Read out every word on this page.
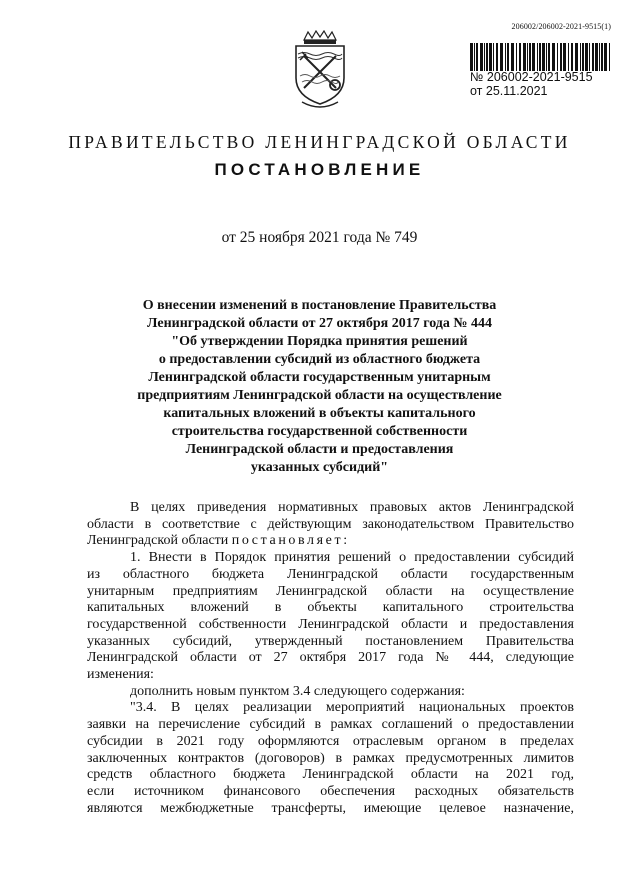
206002/206002-2021-9515(1)
№ 206002-2021-9515
от 25.11.2021
ПРАВИТЕЛЬСТВО ЛЕНИНГРАДСКОЙ ОБЛАСТИ
ПОСТАНОВЛЕНИЕ
от 25 ноября 2021 года № 749
О внесении изменений в постановление Правительства
Ленинградской области от 27 октября 2017 года № 444
"Об утверждении Порядка принятия решений
о предоставлении субсидий из областного бюджета
Ленинградской области государственным унитарным
предприятиям Ленинградской области на осуществление
капитальных вложений в объекты капитального
строительства государственной собственности
Ленинградской области и предоставления
указанных субсидий"
В целях приведения нормативных правовых актов Ленинградской
области в соответствие с действующим законодательством Правительство
Ленинградской области постановляет:
1. Внести в Порядок принятия решений о предоставлении субсидий
из областного бюджета Ленинградской области государственным
унитарным предприятиям Ленинградской области на осуществление
капитальных вложений в объекты капитального строительства
государственной собственности Ленинградской области и предоставления
указанных субсидий, утвержденный постановлением Правительства
Ленинградской области от 27 октября 2017 года № 444, следующие
изменения:
дополнить новым пунктом 3.4 следующего содержания:
"3.4. В целях реализации мероприятий национальных проектов
заявки на перечисление субсидий в рамках соглашений о предоставлении
субсидии в 2021 году оформляются отраслевым органом в пределах
заключенных контрактов (договоров) в рамках предусмотренных лимитов
средств областного бюджета Ленинградской области на 2021 год,
если источником финансового обеспечения расходных обязательств
являются межбюджетные трансферты, имеющие целевое назначение,
